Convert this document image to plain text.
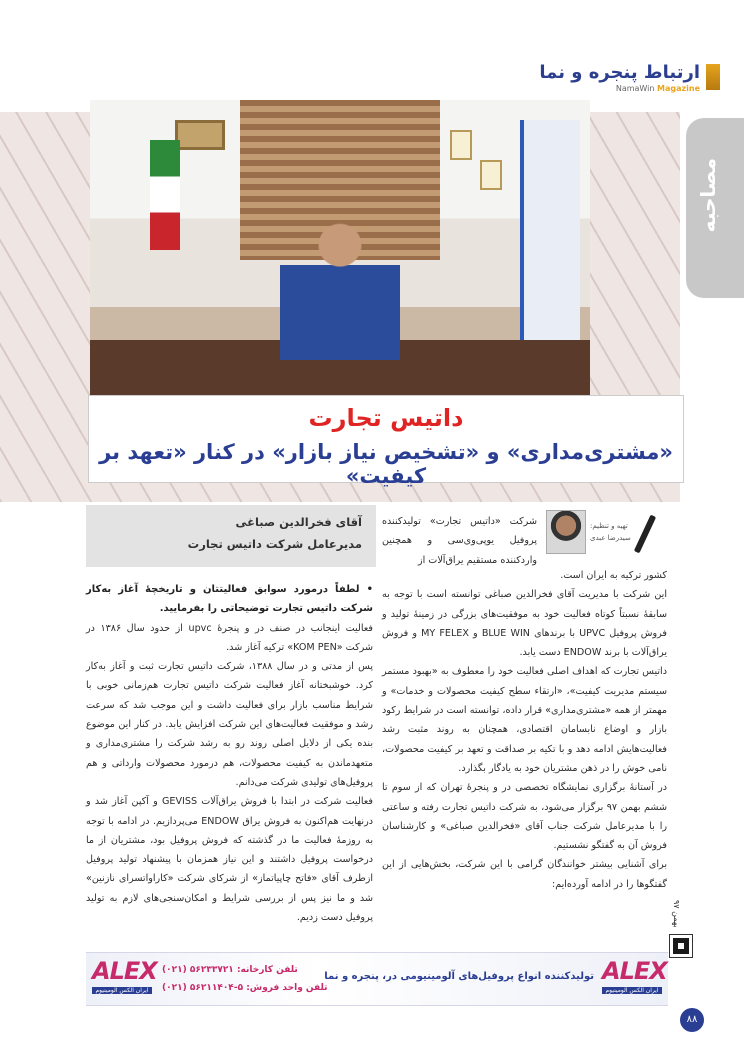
ارتباط پنجره و نما
NamaWin Magazine
مصاحبه
داتیس تجارت
«مشتری‌مداری» و «تشخیص نیاز بازار» در کنار «تعهد بر کیفیت»
تهیه و تنظیم:
سیدرضا عبدی
آقای فخرالدین صباغی
مدیرعامل شرکت داتیس تجارت

شرکت «داتیس تجارت» تولیدکننده پروفیل یو‌پی‌وی‌سی و همچنین واردکننده مستقیم یراق‌آلات از

کشور ترکیه به ایران است.

این شرکت با مدیریت آقای فخرالدین صباغی توانسته است با توجه به سابقهٔ نسبتاً کوتاه فعالیت خود به موفقیت‌های بزرگی در زمینهٔ تولید و فروش پروفیل UPVC با برندهای BLUE WIN و MY FELEX و فروش یراق‌آلات با برند ENDOW دست یابد.

داتیس تجارت که اهداف اصلی فعالیت خود را معطوف به «بهبود مستمر سیستم مدیریت کیفیت»، «ارتقاء سطح کیفیت محصولات و خدمات» و مهمتر از همه «مشتری‌مداری» قرار داده، توانسته است در شرایط رکود بازار و اوضاع نابسامان اقتصادی، همچنان به روند مثبت رشد فعالیت‌هایش ادامه دهد و با تکیه بر صداقت و تعهد بر کیفیت محصولات، نامی خوش را در ذهن مشتریان خود به یادگار بگذارد.

در آستانهٔ برگزاری نمایشگاه تخصصی در و پنجرهٔ تهران که از سوم تا ششم بهمن ۹۷ برگزار می‌شود، به شرکت داتیس تجارت رفته و ساعتی را با مدیرعامل شرکت جناب آقای «فخرالدین صباغی» و کارشناسان فروش آن به گفتگو نشستیم.

برای آشنایی بیشتر خوانندگان گرامی با این شرکت، بخش‌هایی از این گفتگوها را در ادامه آورده‌ایم:

• لطفاً درمورد سوابق فعالیتتان و تاریخچهٔ آغاز به‌کار شرکت داتیس تجارت توضیحاتی را بفرمایید.

فعالیت اینجانب در صنف در و پنجرهٔ upvc از حدود سال ۱۳۸۶ در شرکت «KOM PEN» ترکیه آغاز شد.

پس از مدتی و در سال ۱۳۸۸، شرکت داتیس تجارت ثبت و آغاز به‌کار کرد. خوشبختانه آغاز فعالیت شرکت داتیس تجارت هم‌زمانی خوبی با شرایط مناسب بازار برای فعالیت داشت و این موجب شد که سرعت رشد و موفقیت فعالیت‌های این شرکت افزایش یابد. در کنار این موضوع بنده یکی از دلایل اصلی روند رو به رشد شرکت را مشتری‌مداری و متعهدماندن به کیفیت محصولات، هم درمورد محصولات وارداتی و هم پروفیل‌های تولیدی شرکت می‌دانم.

فعالیت شرکت در ابتدا با فروش یراق‌آلات GEVISS و آکپن آغاز شد و درنهایت هم‌اکنون به فروش یراق ENDOW می‌پردازیم. در ادامه با توجه به روزمهٔ فعالیت ما در گذشته که فروش پروفیل بود، مشتریان از ما درخواست پروفیل داشتند و این نیاز همزمان با پیشنهاد تولید پروفیل ازطرف آقای «فاتح چاپیاتماز» از شرکای شرکت «کاراواتسرای نازنین» شد و ما نیز پس از بررسی شرایط و امکان‌سنجی‌های لازم به تولید پروفیل دست زدیم.

بهمن ۹۷
ALEX
ایران الکس آلومینیوم
تولیدکننده انواع پروفیل‌های آلومینیومی در، پنجره و نما
تلفن کارخانه: ۵۶۲۳۳۷۲۱ (۰۲۱)
تلفن واحد فروش: ۵-۵۶۲۱۱۴۰۴ (۰۲۱)
ALEX
ایران الکس آلومینیوم
۸۸
